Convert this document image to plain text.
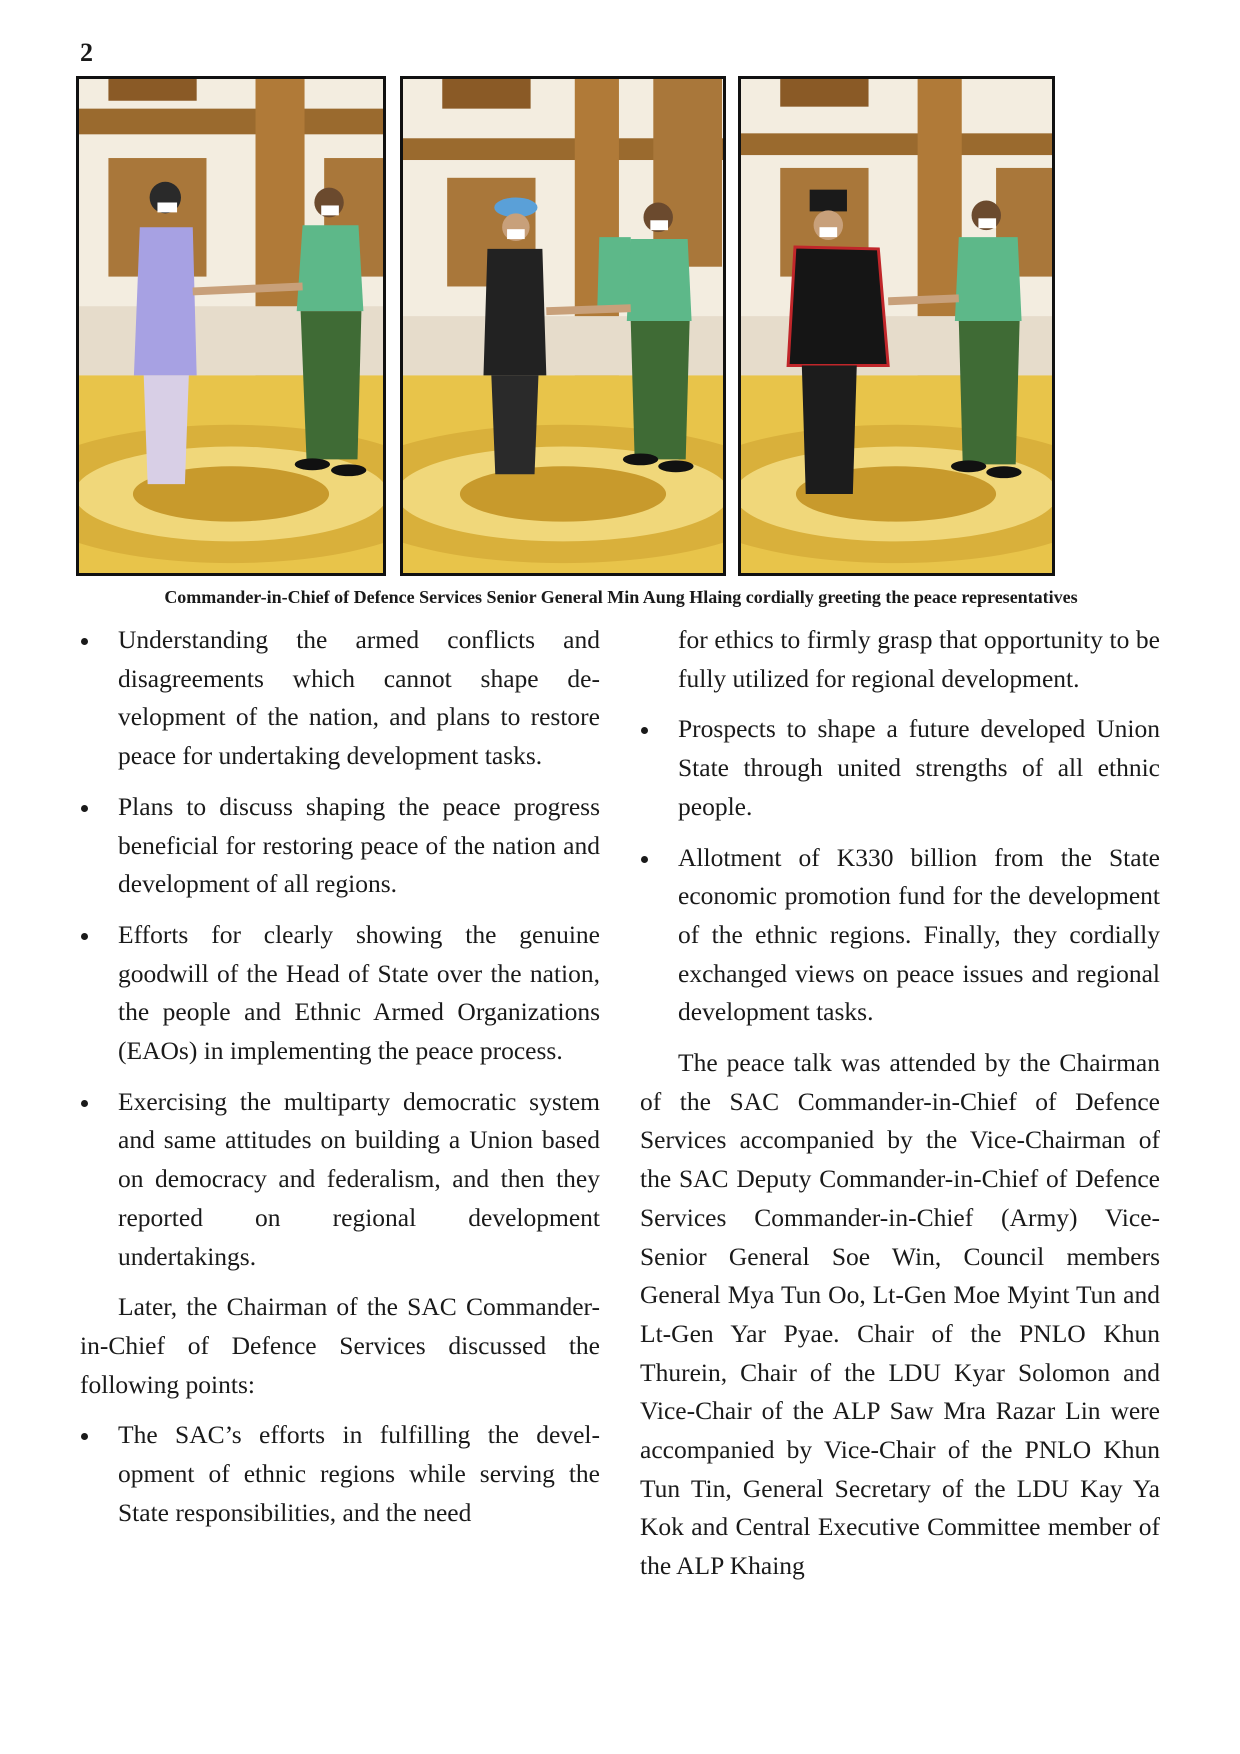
2
Commander-in-Chief of Defence Services Senior General Min Aung Hlaing cordially greeting the peace representatives
Understanding the armed conflicts and disagreements which cannot shape development of the nation, and plans to restore peace for undertaking development tasks.
Plans to discuss shaping the peace progress beneficial for restoring peace of the nation and development of all regions.
Efforts for clearly showing the genuine goodwill of the Head of State over the nation, the people and Ethnic Armed Organizations (EAOs) in implementing the peace process.
Exercising the multiparty democratic system and same attitudes on building a Union based on democracy and federalism, and then they reported on regional development undertakings.
Later, the Chairman of the SAC Commander-in-Chief of Defence Services discussed the following points:
The SAC’s efforts in fulfilling the development of ethnic regions while serving the State responsibilities, and the need
for ethics to firmly grasp that opportunity to be fully utilized for regional development.
Prospects to shape a future developed Union State through united strengths of all ethnic people.
Allotment of K330 billion from the State economic promotion fund for the development of the ethnic regions. Finally, they cordially exchanged views on peace issues and regional development tasks.
The peace talk was attended by the Chairman of the SAC Commander-in-Chief of Defence Services accompanied by the Vice-Chairman of the SAC Deputy Commander-in-Chief of Defence Services Commander-in-Chief (Army) Vice-Senior General Soe Win, Council members General Mya Tun Oo, Lt-Gen Moe Myint Tun and Lt-Gen Yar Pyae. Chair of the PNLO Khun Thurein, Chair of the LDU Kyar Solomon and Vice-Chair of the ALP Saw Mra Razar Lin were accompanied by Vice-Chair of the PNLO Khun Tun Tin, General Secretary of the LDU Kay Ya Kok and Central Executive Committee member of the ALP Khaing
